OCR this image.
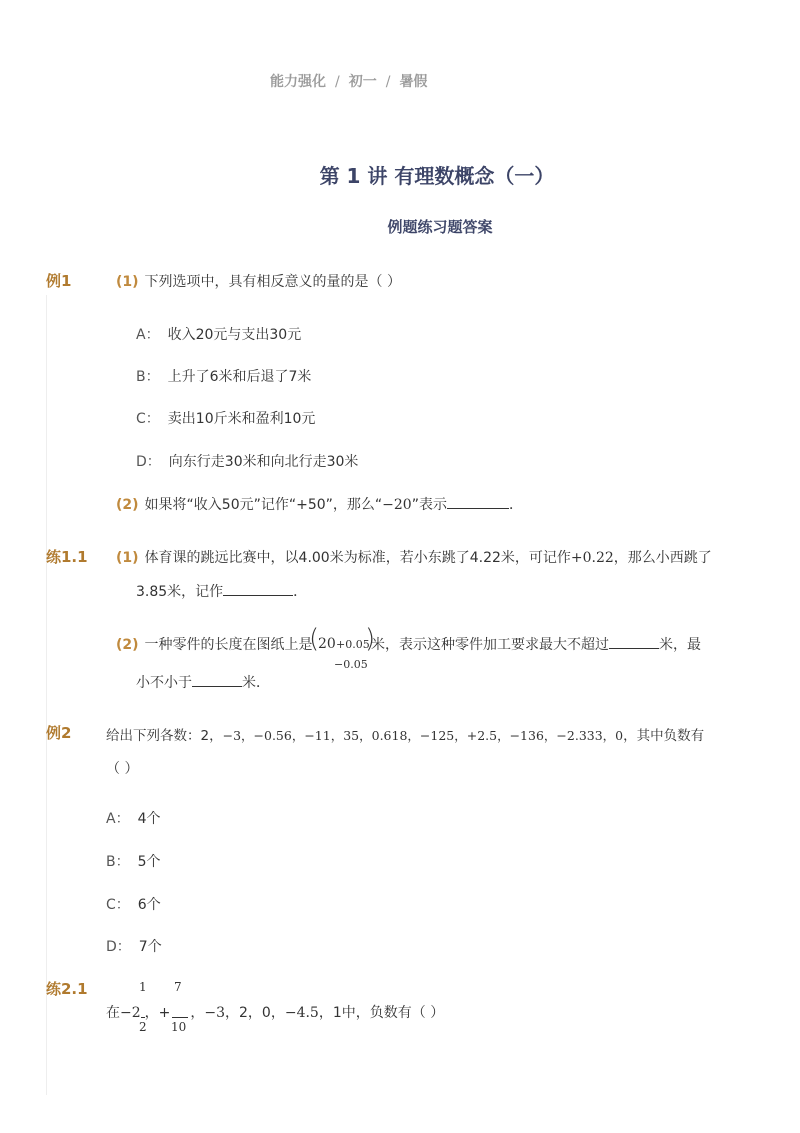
能力强化 / 初一 / 暑假
第 1 讲 有理数概念（一）
例题练习题答案
例1	(1) 下列选项中，具有相反意义的量的是（ ）
A： 收入20元与支出30元
B： 上升了6米和后退了7米
C： 卖出10斤米和盈利10元
D： 向东行走30米和向北行走30米
(2) 如果将“收入50元”记作“+50”，那么“−20”表示	．
练1.1 (1) 体育课的跳远比赛中，以4.00米为标准，若小东跳了4.22米，可记作+0.22，那么小西跳了
3.85米，记作	．
(2) 一种零件的长度在图纸上是
(
20 +0.05
−0.05
)
米，表示这种零件加工要求最大不超过	米，最
小不小于	米．
例2	给出下列各数：2，−3，−0.56，−11，35，0.618，−125，+2.5，−136，−2.333，0，其中负数有
（ ）
A： 4个
B： 5个
C： 6个
D： 7个
练2.1	1 7
在−2 ，+ ，−3，2，0，−4.5，1中，负数有（ ）
2 10
